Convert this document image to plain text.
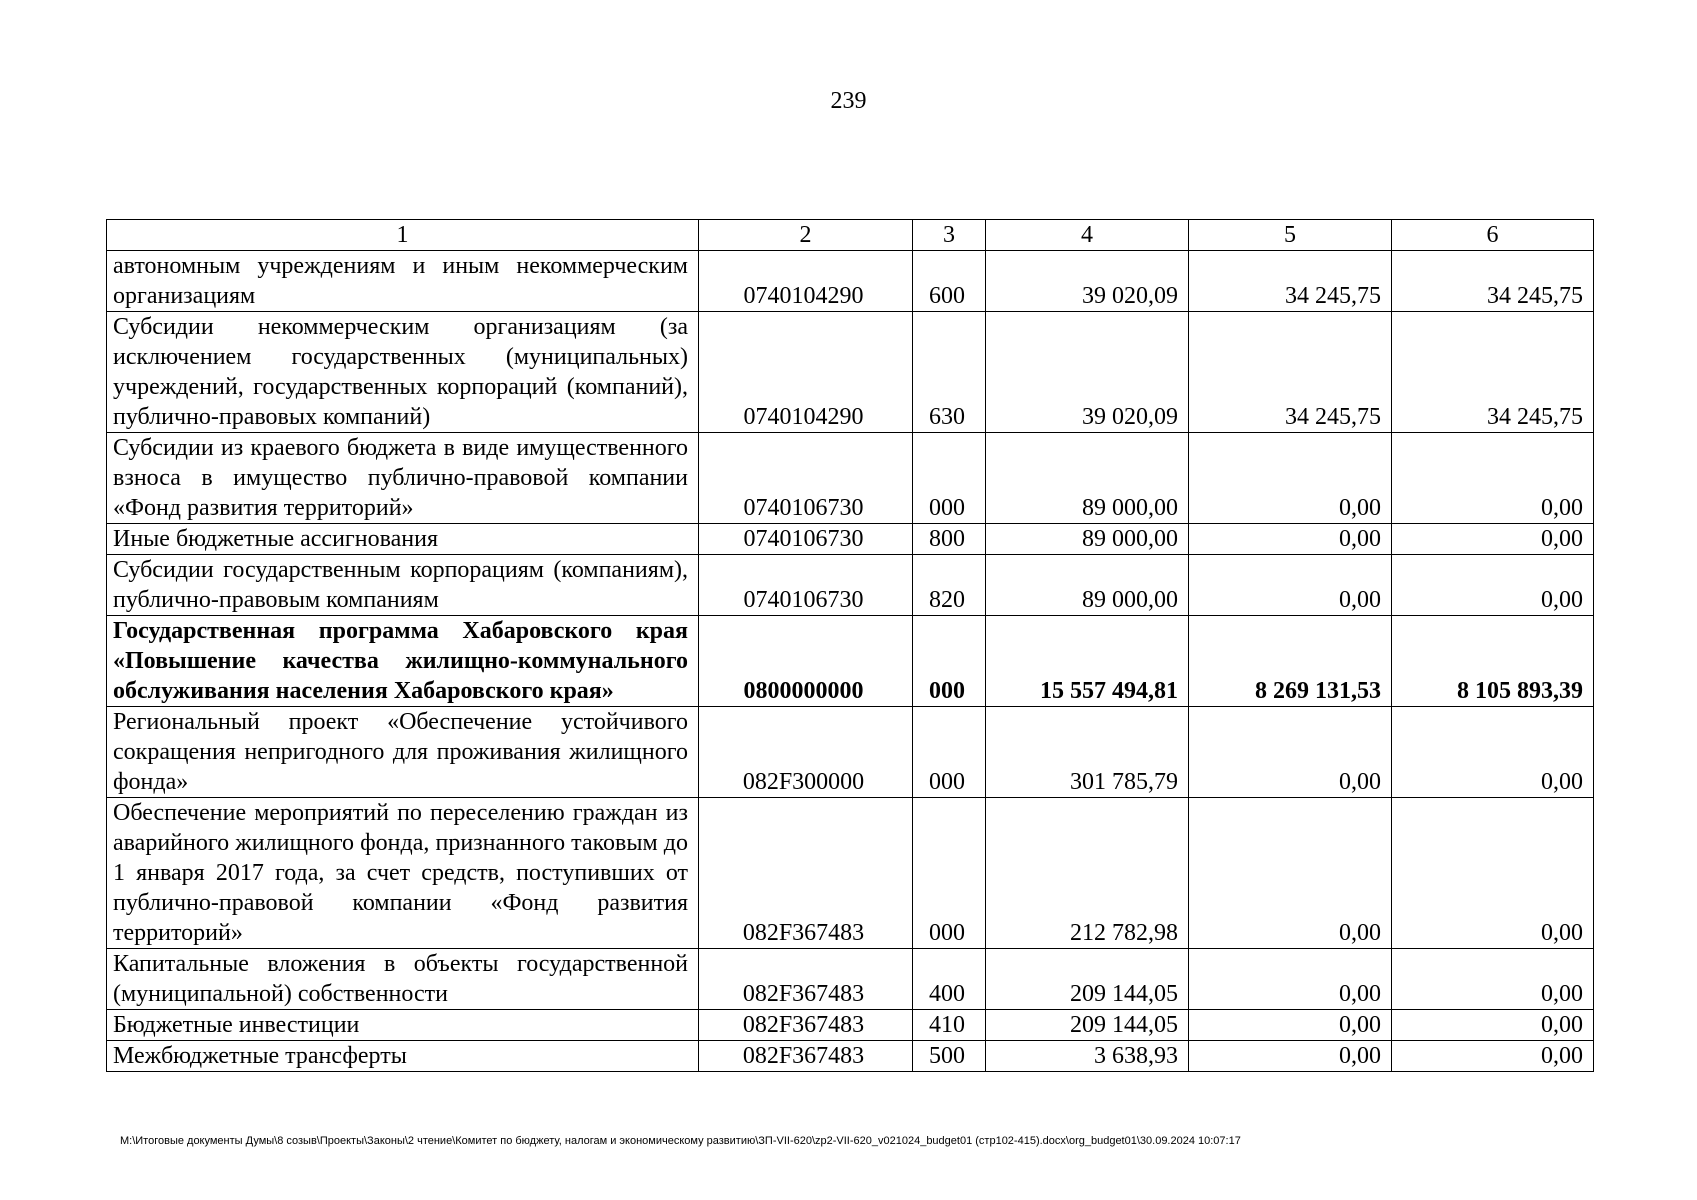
239
1	2	3	4	5	6
автономным учреждениям и иным некоммерческим организациям	0740104290	600	39 020,09	34 245,75	34 245,75
Субсидии некоммерческим организациям (за исключением государственных (муниципальных) учреждений, государственных корпораций (компаний), публично-правовых компаний)	0740104290	630	39 020,09	34 245,75	34 245,75
Субсидии из краевого бюджета в виде имущественного взноса в имущество публично-правовой компании «Фонд развития территорий»	0740106730	000	89 000,00	0,00	0,00
Иные бюджетные ассигнования	0740106730	800	89 000,00	0,00	0,00
Субсидии государственным корпорациям (компаниям), публично-правовым компаниям	0740106730	820	89 000,00	0,00	0,00
Государственная программа Хабаровского края «Повышение качества жилищно-коммунального обслуживания населения Хабаровского края»	0800000000	000	15 557 494,81	8 269 131,53	8 105 893,39
Региональный проект «Обеспечение устойчивого сокращения непригодного для проживания жилищного фонда»	082F300000	000	301 785,79	0,00	0,00
Обеспечение мероприятий по переселению граждан из аварийного жилищного фонда, признанного таковым до 1 января 2017 года, за счет средств, поступивших от публично-правовой компании «Фонд развития территорий»	082F367483	000	212 782,98	0,00	0,00
Капитальные вложения в объекты государственной (муниципальной) собственности	082F367483	400	209 144,05	0,00	0,00
Бюджетные инвестиции	082F367483	410	209 144,05	0,00	0,00
Межбюджетные трансферты	082F367483	500	3 638,93	0,00	0,00
M:\Итоговые документы Думы\8 созыв\Проекты\Законы\2 чтение\Комитет по бюджету, налогам и экономическому развитию\ЗП-VII-620\zp2-VII-620_v021024_budget01 (стр102-415).docx\org_budget01\30.09.2024 10:07:17
